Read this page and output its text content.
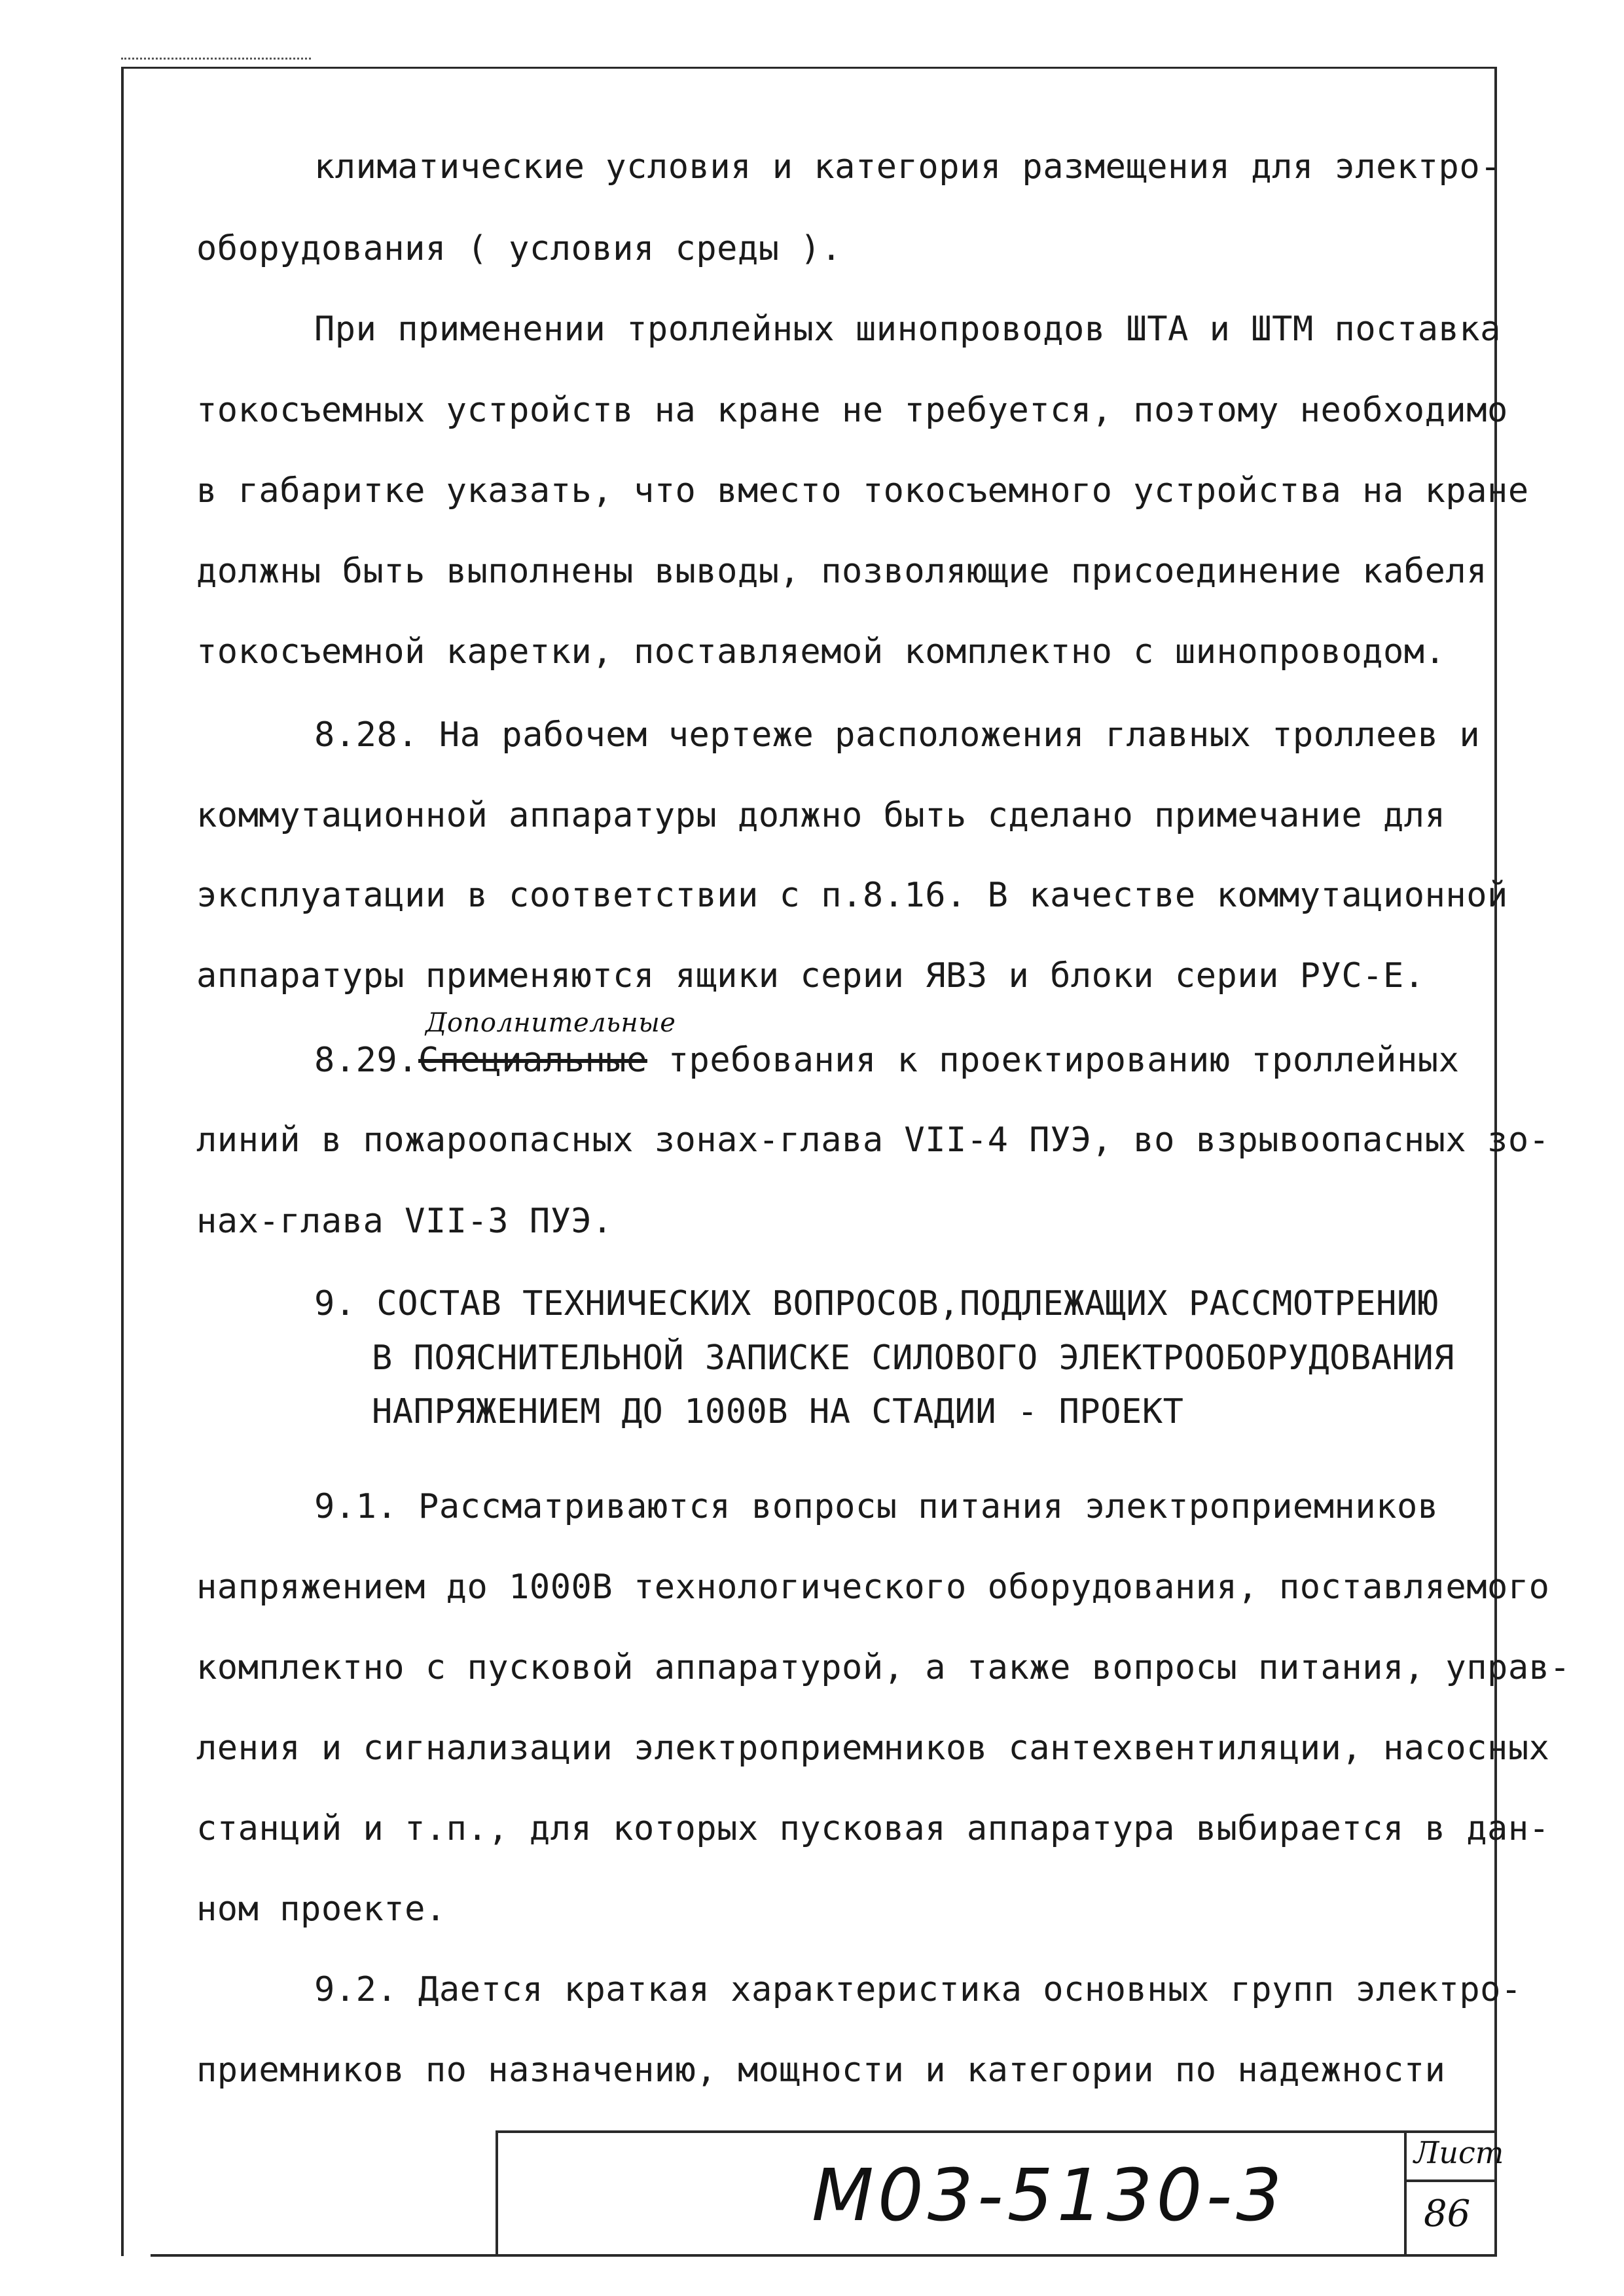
климатические условия и категория размещения для электро-
оборудования ( условия среды ).
При применении троллейных шинопроводов ШТА и ШТМ поставка
токосъемных устройств на кране не требуется, поэтому необходимо
в габаритке указать, что вместо токосъемного устройства на кране
должны быть выполнены выводы, позволяющие присоединение кабеля
токосъемной каретки, поставляемой комплектно с шинопроводом.
8.28. На рабочем чертеже расположения главных троллеев и
коммутационной аппаратуры должно быть сделано примечание для
эксплуатации в соответствии с п.8.16. В качестве коммутационной
аппаратуры применяются ящики серии ЯВЗ и блоки серии РУС-Е.
Дополнительные
8.29.Специальные требования к проектированию троллейных
линий в пожароопасных зонах-глава VII-4 ПУЭ, во взрывоопасных зо-
нах-глава VII-3 ПУЭ.
9. СОСТАВ ТЕХНИЧЕСКИХ ВОПРОСОВ,ПОДЛЕЖАЩИХ РАССМОТРЕНИЮ
В ПОЯСНИТЕЛЬНОЙ ЗАПИСКЕ СИЛОВОГО ЭЛЕКТРООБОРУДОВАНИЯ
НАПРЯЖЕНИЕМ ДО 1000В НА СТАДИИ - ПРОЕКТ
9.1. Рассматриваются вопросы питания электроприемников
напряжением до 1000В технологического оборудования, поставляемого
комплектно с пусковой аппаратурой, а также вопросы питания, управ-
ления и сигнализации электроприемников сантехвентиляции, насосных
станций и т.п., для которых пусковая аппаратура выбирается в дан-
ном проекте.
9.2. Дается краткая характеристика основных групп электро-
приемников по назначению, мощности и категории по надежности
М03-5130-3
Лист
86
